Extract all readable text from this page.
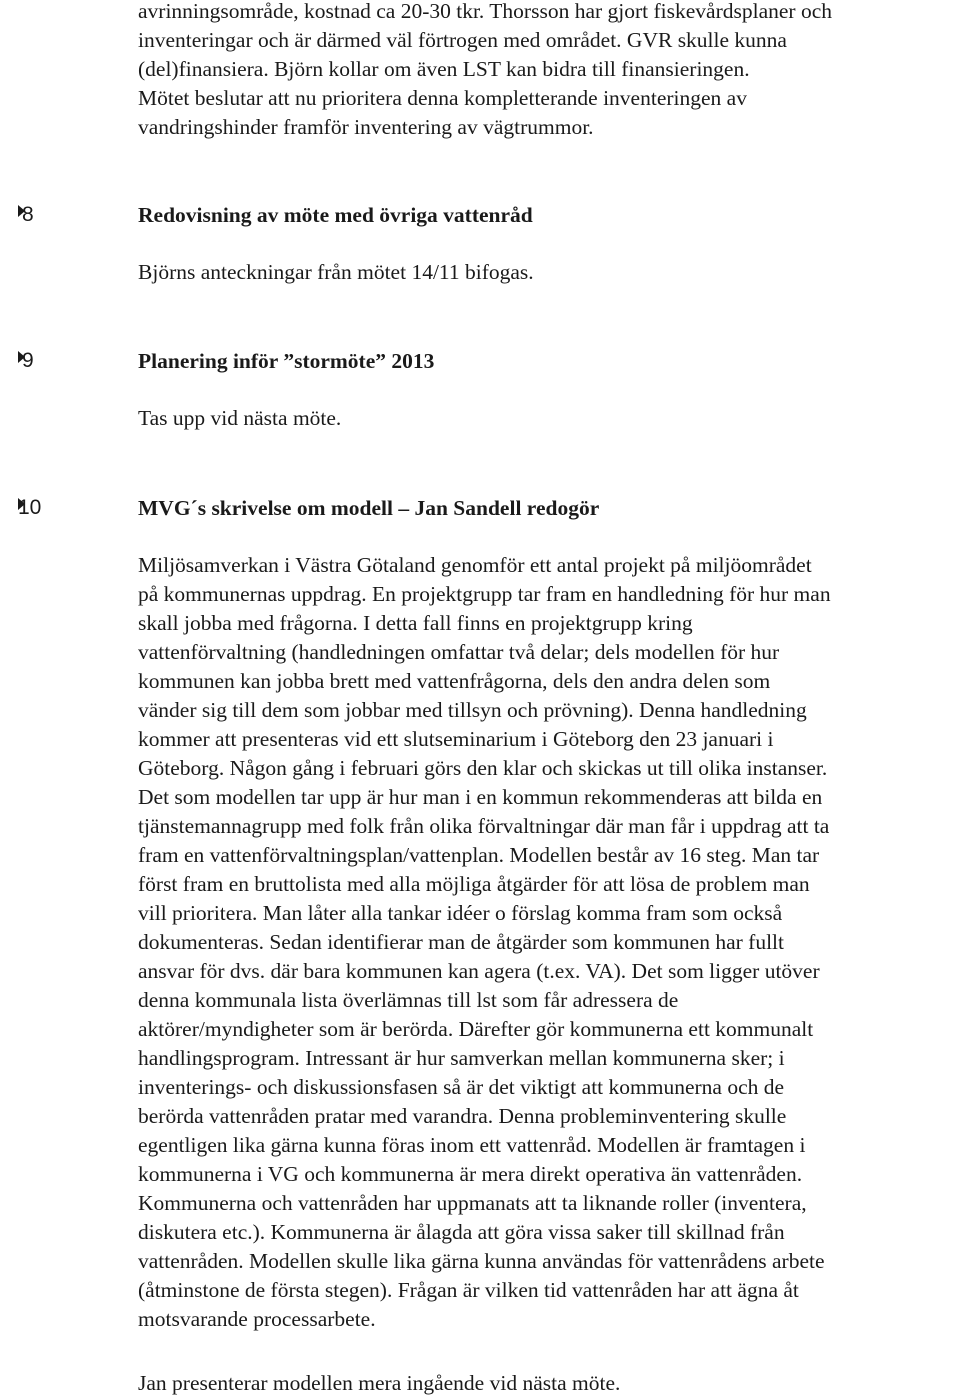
avrinningsområde, kostnad ca 20-30 tkr. Thorsson har gjort fiskevårdsplaner och
inventeringar och är därmed väl förtrogen med området. GVR skulle kunna
(del)finansiera. Björn kollar om även LST kan bidra till finansieringen.
Mötet beslutar att nu prioritera denna kompletterande inventeringen av
vandringshinder framför inventering av vägtrummor.
8	Redovisning av möte med övriga vattenråd
Björns anteckningar från mötet 14/11 bifogas.
9	Planering inför ”stormöte” 2013
Tas upp vid nästa möte.
10	MVG´s skrivelse om modell – Jan Sandell redogör
Miljösamverkan i Västra Götaland genomför ett antal projekt på miljöområdet
på kommunernas uppdrag. En projektgrupp tar fram en handledning för hur man
skall jobba med frågorna. I detta fall finns en projektgrupp kring
vattenförvaltning (handledningen omfattar två delar; dels modellen för hur
kommunen kan jobba brett med vattenfrågorna, dels den andra delen som
vänder sig till dem som jobbar med tillsyn och prövning). Denna handledning
kommer att presenteras vid ett slutseminarium i Göteborg den 23 januari i
Göteborg. Någon gång i februari görs den klar och skickas ut till olika instanser.
Det som modellen tar upp är hur man i en kommun rekommenderas att bilda en
tjänstemannagrupp med folk från olika förvaltningar där man får i uppdrag att ta
fram en vattenförvaltningsplan/vattenplan. Modellen består av 16 steg. Man tar
först fram en bruttolista med alla möjliga åtgärder för att lösa de problem man
vill prioritera. Man låter alla tankar idéer o förslag komma fram som också
dokumenteras. Sedan identifierar man de åtgärder som kommunen har fullt
ansvar för dvs. där bara kommunen kan agera (t.ex. VA). Det som ligger utöver
denna kommunala lista överlämnas till lst som får adressera de
aktörer/myndigheter som är berörda. Därefter gör kommunerna ett kommunalt
handlingsprogram. Intressant är hur samverkan mellan kommunerna sker; i
inventerings- och diskussionsfasen så är det viktigt att kommunerna och de
berörda vattenråden pratar med varandra. Denna probleminventering skulle
egentligen lika gärna kunna föras inom ett vattenråd. Modellen är framtagen i
kommunerna i VG och kommunerna är mera direkt operativa än vattenråden.
Kommunerna och vattenråden har uppmanats att ta liknande roller (inventera,
diskutera etc.). Kommunerna är ålagda att göra vissa saker till skillnad från
vattenråden. Modellen skulle lika gärna kunna användas för vattenrådens arbete
(åtminstone de första stegen). Frågan är vilken tid vattenråden har att ägna åt
motsvarande processarbete.
Jan presenterar modellen mera ingående vid nästa möte.
